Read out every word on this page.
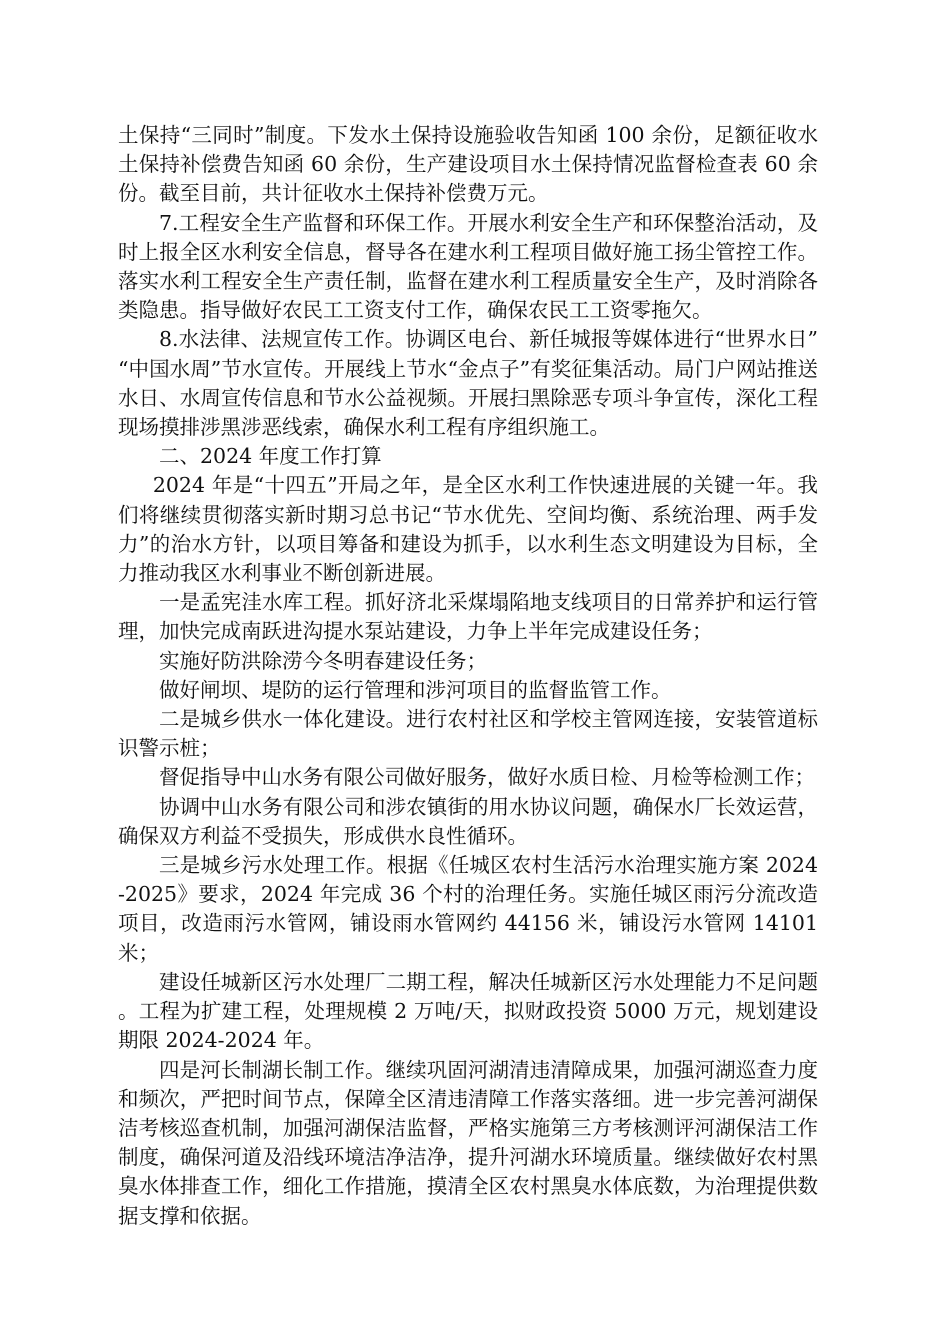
土保持“三同时”制度。下发水土保持设施验收告知函 100 余份，足额征收水土保持补偿费告知函 60 余份，生产建设项目水土保持情况监督检查表 60 余份。截至目前，共计征收水土保持补偿费万元。

7.工程安全生产监督和环保工作。开展水利安全生产和环保整治活动，及时上报全区水利安全信息，督导各在建水利工程项目做好施工扬尘管控工作。落实水利工程安全生产责任制，监督在建水利工程质量安全生产，及时消除各类隐患。指导做好农民工工资支付工作，确保农民工工资零拖欠。

8.水法律、法规宣传工作。协调区电台、新任城报等媒体进行“世界水日”“中国水周”节水宣传。开展线上节水“金点子”有奖征集活动。局门户网站推送水日、水周宣传信息和节水公益视频。开展扫黑除恶专项斗争宣传，深化工程现场摸排涉黑涉恶线索，确保水利工程有序组织施工。

二、2024 年度工作打算

2024 年是“十四五”开局之年，是全区水利工作快速进展的关键一年。我们将继续贯彻落实新时期习总书记“节水优先、空间均衡、系统治理、两手发力”的治水方针，以项目筹备和建设为抓手，以水利生态文明建设为目标，全力推动我区水利事业不断创新进展。

一是孟宪洼水库工程。抓好济北采煤塌陷地支线项目的日常养护和运行管理，加快完成南跃进沟提水泵站建设，力争上半年完成建设任务；

实施好防洪除涝今冬明春建设任务；

做好闸坝、堤防的运行管理和涉河项目的监督监管工作。

二是城乡供水一体化建设。进行农村社区和学校主管网连接，安装管道标识警示桩；

督促指导中山水务有限公司做好服务，做好水质日检、月检等检测工作；

协调中山水务有限公司和涉农镇街的用水协议问题，确保水厂长效运营，确保双方利益不受损失，形成供水良性循环。

三是城乡污水处理工作。根据《任城区农村生活污水治理实施方案 2024-2025》要求，2024 年完成 36 个村的治理任务。实施任城区雨污分流改造项目，改造雨污水管网，铺设雨水管网约 44156 米，铺设污水管网 14101 米；

建设任城新区污水处理厂二期工程，解决任城新区污水处理能力不足问题。工程为扩建工程，处理规模 2 万吨/天，拟财政投资 5000 万元，规划建设期限 2024-2024 年。

四是河长制湖长制工作。继续巩固河湖清违清障成果，加强河湖巡查力度和频次，严把时间节点，保障全区清违清障工作落实落细。进一步完善河湖保洁考核巡查机制，加强河湖保洁监督，严格实施第三方考核测评河湖保洁工作制度，确保河道及沿线环境洁净洁净，提升河湖水环境质量。继续做好农村黑臭水体排查工作，细化工作措施，摸清全区农村黑臭水体底数，为治理提供数据支撑和依据。
